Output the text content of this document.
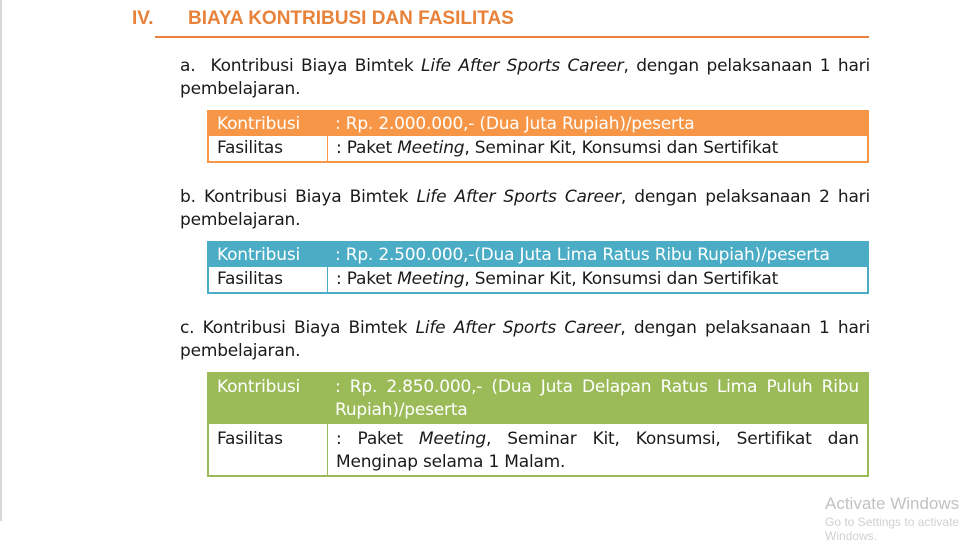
IV.	BIAYA KONTRIBUSI DAN FASILITAS
a. Kontribusi Biaya Bimtek Life After Sports Career, dengan pelaksanaan 1 hari pembelajaran.
Kontribusi	: Rp. 2.000.000,- (Dua Juta Rupiah)/peserta
Fasilitas	: Paket Meeting, Seminar Kit, Konsumsi dan Sertifikat
b. Kontribusi Biaya Bimtek Life After Sports Career, dengan pelaksanaan 2 hari pembelajaran.
Kontribusi	: Rp. 2.500.000,-(Dua Juta Lima Ratus Ribu Rupiah)/peserta
Fasilitas	: Paket Meeting, Seminar Kit, Konsumsi dan Sertifikat
c. Kontribusi Biaya Bimtek Life After Sports Career, dengan pelaksanaan 1 hari pembelajaran.
Kontribusi	: Rp. 2.850.000,- (Dua Juta Delapan Ratus Lima Puluh Ribu Rupiah)/peserta
Fasilitas	: Paket Meeting, Seminar Kit, Konsumsi, Sertifikat dan Menginap selama 1 Malam.
Activate Windows
Go to Settings to activate Windows.
